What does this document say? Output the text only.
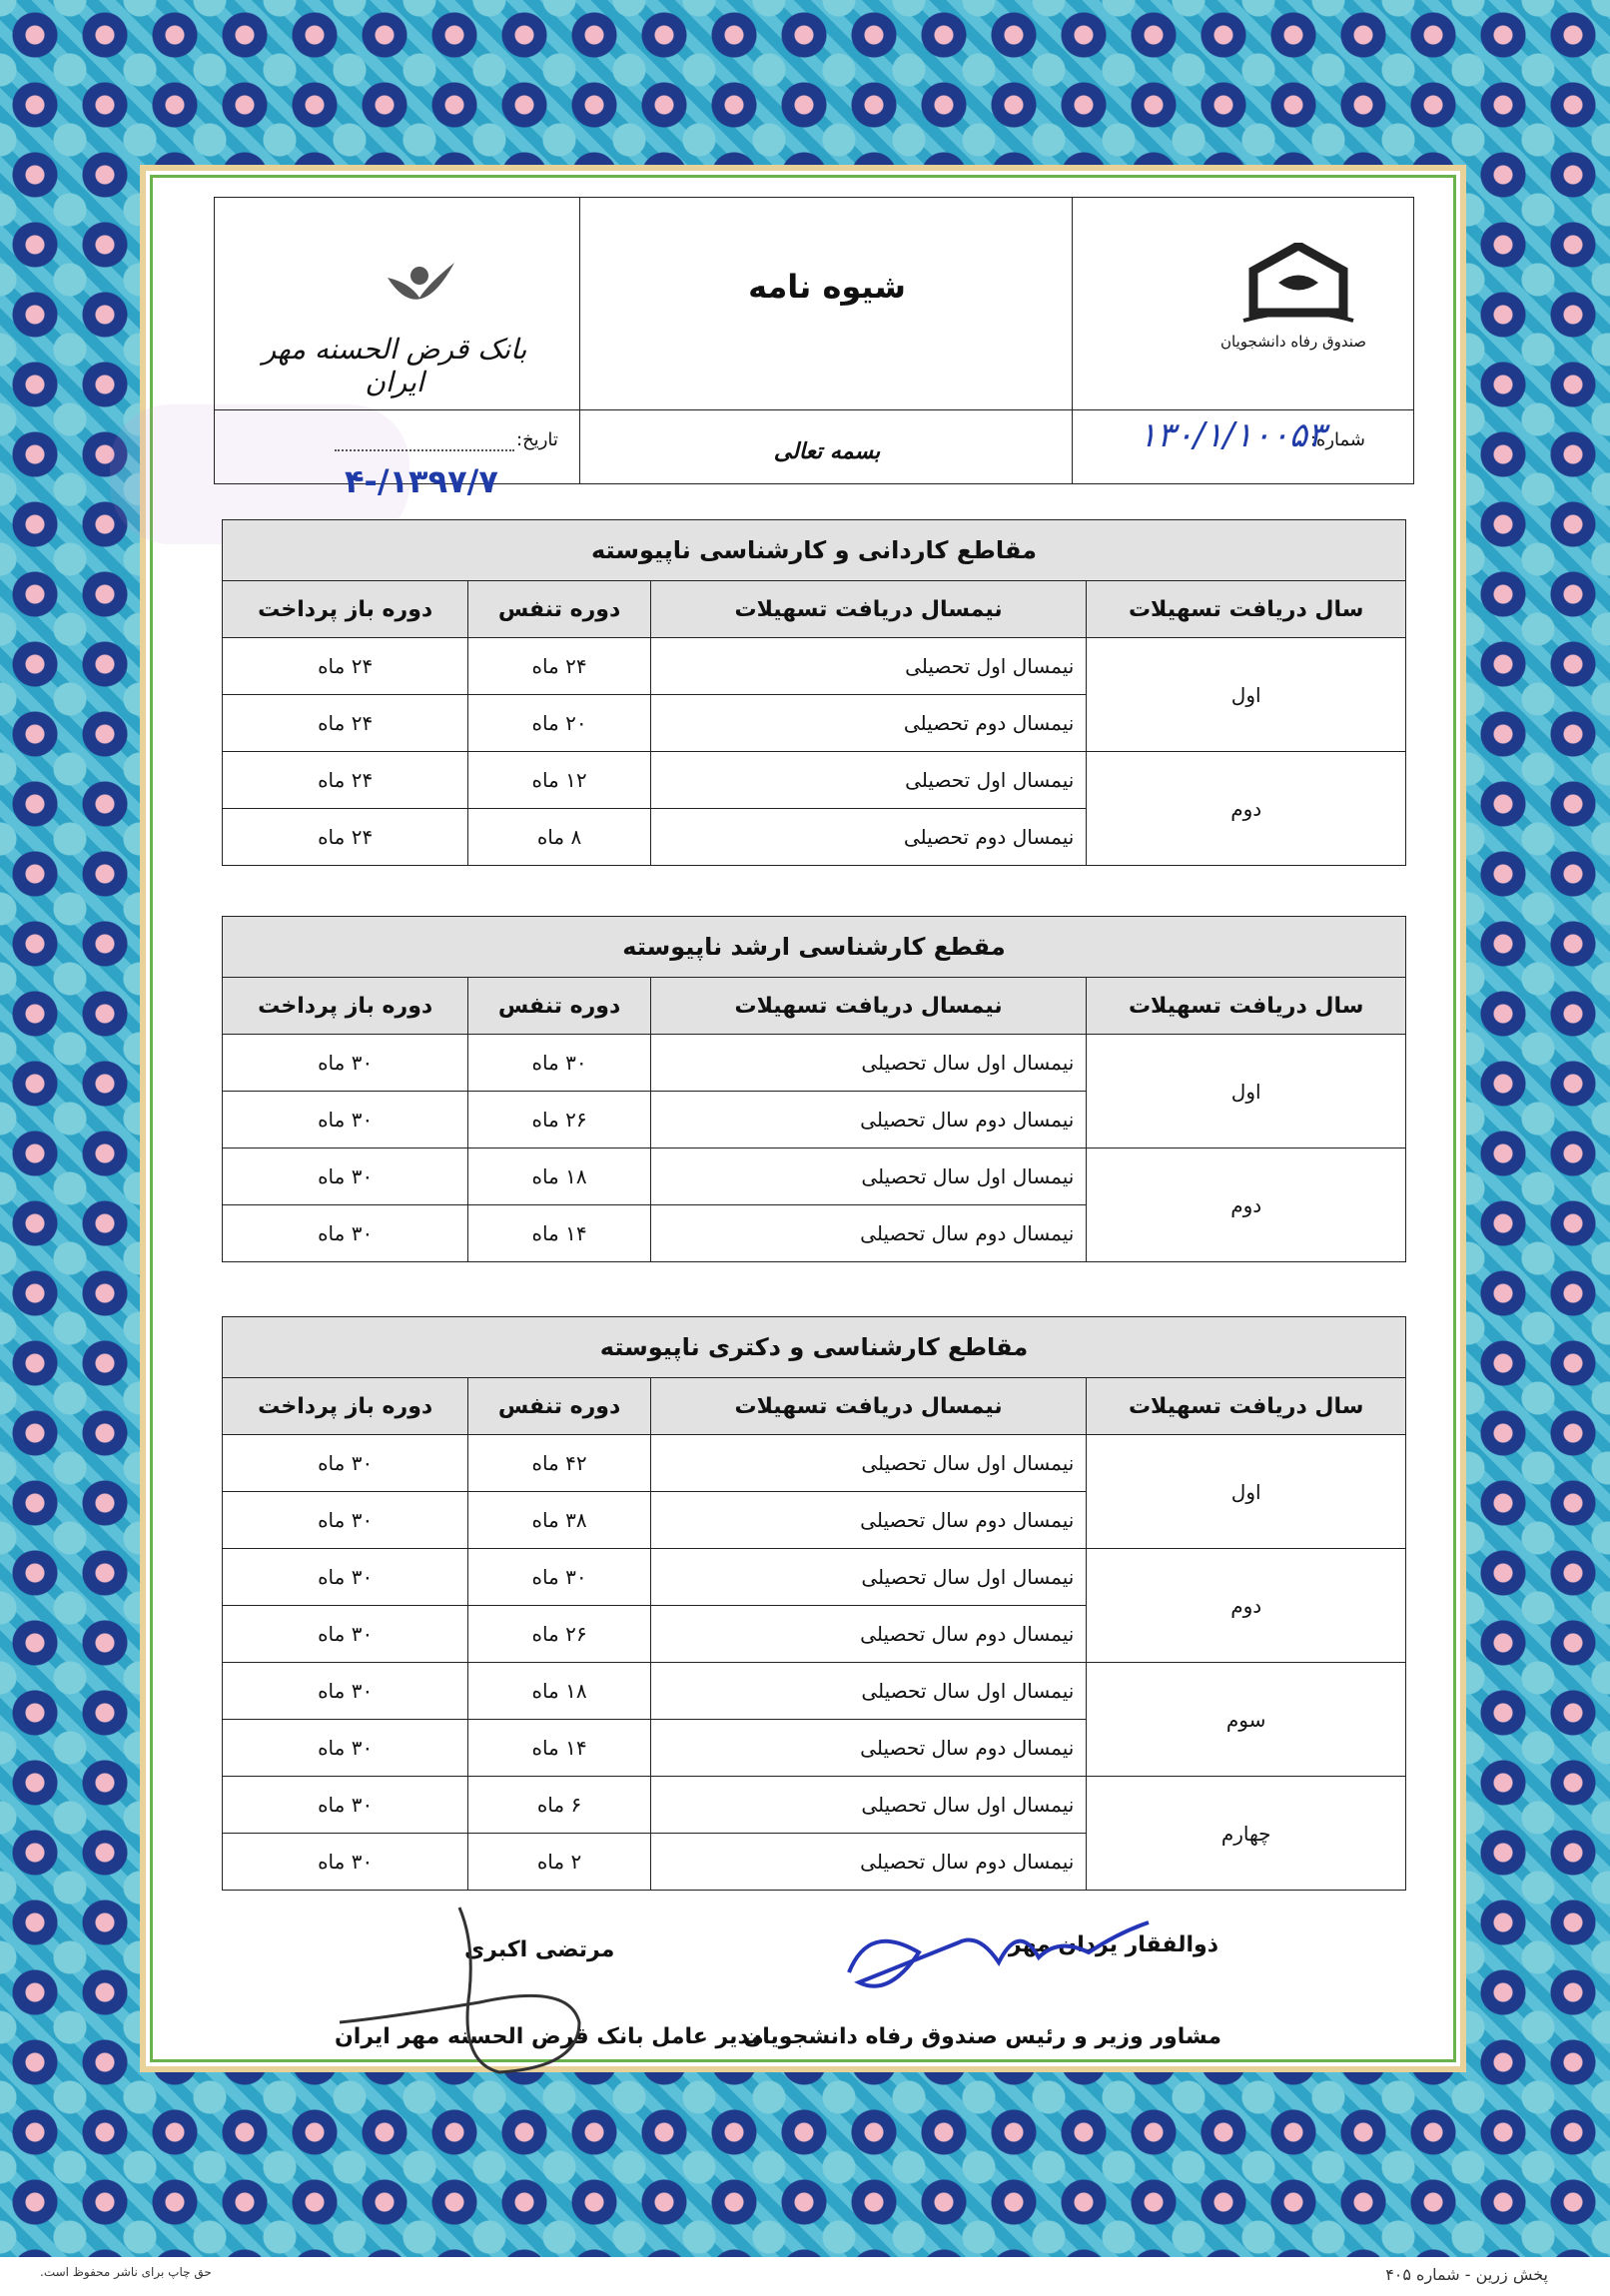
بانک قرض الحسنه مهر ایران
شیوه نامه
بسمه تعالی
صندوق رفاه دانشجویان
شماره:
۱۳۰/۱/۱۰۰۵۳
تاریخ:
۱۳۹۷/۷/-۴
مقاطع کاردانی و کارشناسی ناپیوسته			
سال دریافت تسهیلات	نیمسال دریافت تسهیلات	دوره تنفس	دوره باز پرداخت
اول	نیمسال اول تحصیلی	۲۴ ماه	۲۴ ماه
	نیمسال دوم تحصیلی	۲۰ ماه	۲۴ ماه
دوم	نیمسال اول تحصیلی	۱۲ ماه	۲۴ ماه
	نیمسال دوم تحصیلی	۸ ماه	۲۴ ماه
مقطع کارشناسی ارشد ناپیوسته			
سال دریافت تسهیلات	نیمسال دریافت تسهیلات	دوره تنفس	دوره باز پرداخت
اول	نیمسال اول سال تحصیلی	۳۰ ماه	۳۰ ماه
	نیمسال دوم سال تحصیلی	۲۶ ماه	۳۰ ماه
دوم	نیمسال اول سال تحصیلی	۱۸ ماه	۳۰ ماه
	نیمسال دوم سال تحصیلی	۱۴ ماه	۳۰ ماه
مقاطع کارشناسی و دکتری ناپیوسته			
سال دریافت تسهیلات	نیمسال دریافت تسهیلات	دوره تنفس	دوره باز پرداخت
اول	نیمسال اول سال تحصیلی	۴۲ ماه	۳۰ ماه
	نیمسال دوم سال تحصیلی	۳۸ ماه	۳۰ ماه
دوم	نیمسال اول سال تحصیلی	۳۰ ماه	۳۰ ماه
	نیمسال دوم سال تحصیلی	۲۶ ماه	۳۰ ماه
سوم	نیمسال اول سال تحصیلی	۱۸ ماه	۳۰ ماه
	نیمسال دوم سال تحصیلی	۱۴ ماه	۳۰ ماه
چهارم	نیمسال اول سال تحصیلی	۶ ماه	۳۰ ماه
	نیمسال دوم سال تحصیلی	۲ ماه	۳۰ ماه
ذوالفقار یزدان مهر
مشاور وزیر و رئیس صندوق رفاه دانشجویان
مرتضی اکبری
مدیر عامل بانک قرض الحسنه مهر ایران
پخش زرین - شماره ۴۰۵
حق چاپ برای ناشر محفوظ است.
